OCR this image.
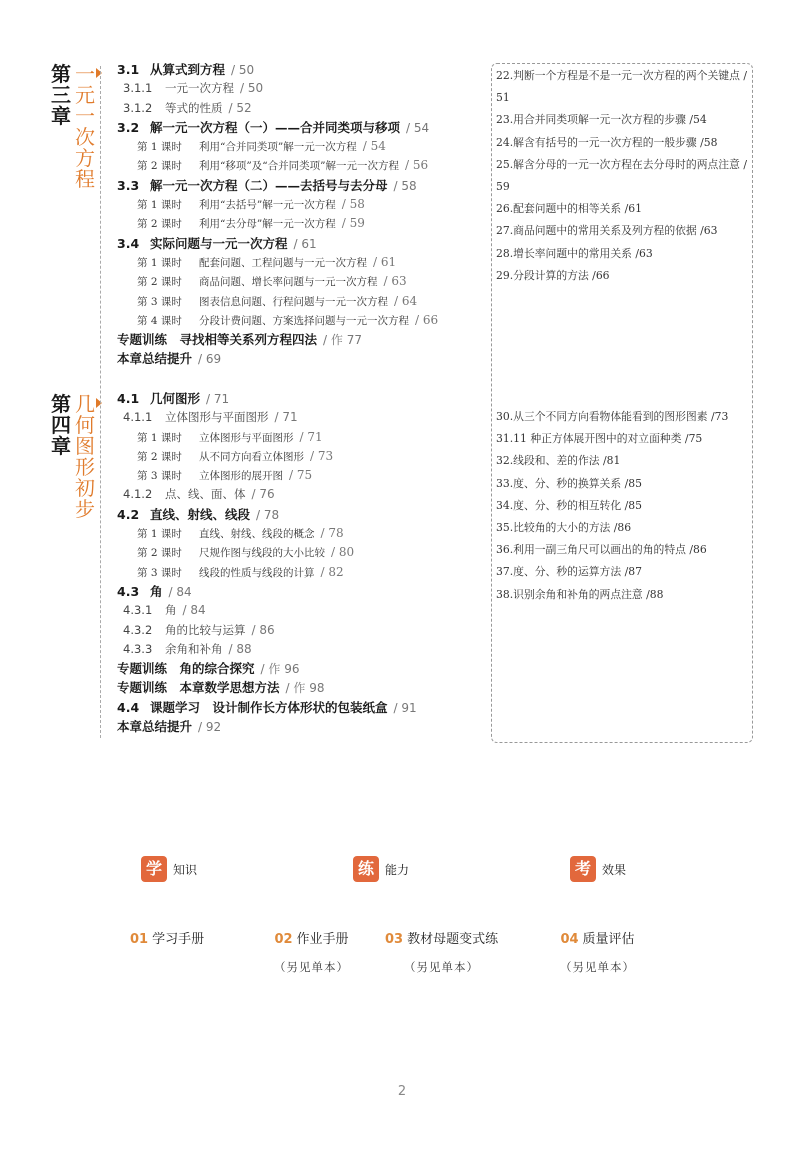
第
三
章
一
元
一
次
方
程
第
四
章
几
何
图
形
初
步
3.1 从算式到方程 / 50
3.1.1 一元一次方程 / 50
3.1.2 等式的性质 / 52
3.2 解一元一次方程（一）——合并同类项与移项 / 54
第 1 课时 利用“合并同类项”解一元一次方程 / 54
第 2 课时 利用“移项”及“合并同类项”解一元一次方程 / 56
3.3 解一元一次方程（二）——去括号与去分母 / 58
第 1 课时 利用“去括号”解一元一次方程 / 58
第 2 课时 利用“去分母”解一元一次方程 / 59
3.4 实际问题与一元一次方程 / 61
第 1 课时 配套问题、工程问题与一元一次方程 / 61
第 2 课时 商品问题、增长率问题与一元一次方程 / 63
第 3 课时 图表信息问题、行程问题与一元一次方程 / 64
第 4 课时 分段计费问题、方案选择问题与一元一次方程 / 66
专题训练　寻找相等关系列方程四法 / 作 77
本章总结提升 / 69
4.1 几何图形 / 71
4.1.1 立体图形与平面图形 / 71
第 1 课时 立体图形与平面图形 / 71
第 2 课时 从不同方向看立体图形 / 73
第 3 课时 立体图形的展开图 / 75
4.1.2 点、线、面、体 / 76
4.2 直线、射线、线段 / 78
第 1 课时 直线、射线、线段的概念 / 78
第 2 课时 尺规作图与线段的大小比较 / 80
第 3 课时 线段的性质与线段的计算 / 82
4.3 角 / 84
4.3.1 角 / 84
4.3.2 角的比较与运算 / 86
4.3.3 余角和补角 / 88
专题训练　角的综合探究 / 作 96
专题训练　本章数学思想方法 / 作 98
4.4 课题学习　设计制作长方体形状的包装纸盒 / 91
本章总结提升 / 92
22.判断一个方程是不是一元一次方程的两个关键点 /51
23.用合并同类项解一元一次方程的步骤 /54
24.解含有括号的一元一次方程的一般步骤 /58
25.解含分母的一元一次方程在去分母时的两点注意 /59
26.配套问题中的相等关系 /61
27.商品问题中的常用关系及列方程的依据 /63
28.增长率问题中的常用关系 /63
29.分段计算的方法 /66
30.从三个不同方向看物体能看到的图形图素 /73
31.11 种正方体展开图中的对立面种类 /75
32.线段和、差的作法 /81
33.度、分、秒的换算关系 /85
34.度、分、秒的相互转化 /85
35.比较角的大小的方法 /86
36.利用一副三角尺可以画出的角的特点 /86
37.度、分、秒的运算方法 /87
38.识别余角和补角的两点注意 /88
学 知识	练 能力	考 效果
01 学习手册	02 作业手册
（另见单本）
03 教材母题变式练
（另见单本）
04 质量评估
（另见单本）
2
